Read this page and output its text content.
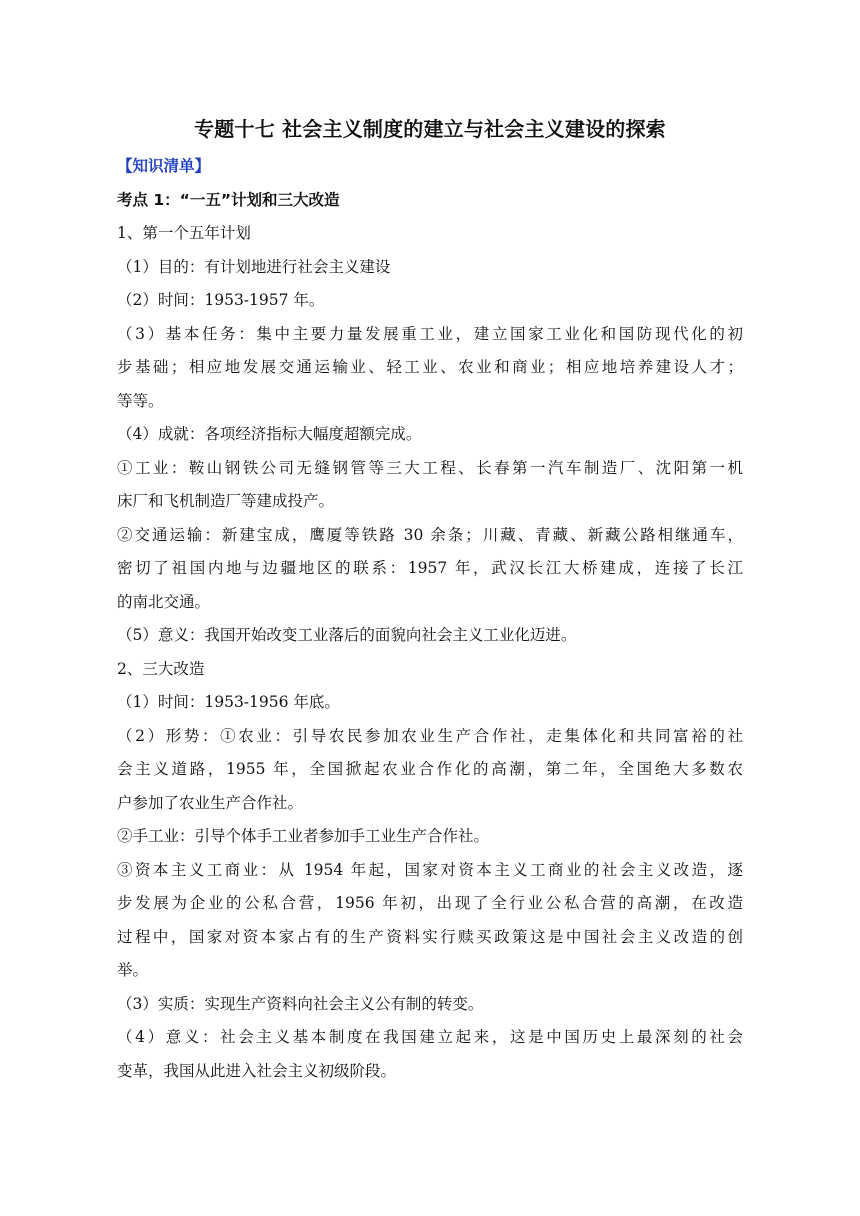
专题十七 社会主义制度的建立与社会主义建设的探索
【知识清单】
考点 1：“一五”计划和三大改造
1、第一个五年计划
（1）目的：有计划地进行社会主义建设
（2）时间：1953-1957 年。
（3）基本任务：集中主要力量发展重工业，建立国家工业化和国防现代化的初
步基础；相应地发展交通运输业、轻工业、农业和商业；相应地培养建设人才；
等等。
（4）成就：各项经济指标大幅度超额完成。
①工业：鞍山钢铁公司无缝钢管等三大工程、长春第一汽车制造厂、沈阳第一机
床厂和飞机制造厂等建成投产。
②交通运输：新建宝成，鹰厦等铁路 30 余条；川藏、青藏、新藏公路相继通车，
密切了祖国内地与边疆地区的联系：1957 年，武汉长江大桥建成，连接了长江
的南北交通。
（5）意义：我国开始改变工业落后的面貌向社会主义工业化迈进。
2、三大改造
（1）时间：1953-1956 年底。
（2）形势：①农业：引导农民参加农业生产合作社，走集体化和共同富裕的社
会主义道路，1955 年，全国掀起农业合作化的高潮，第二年，全国绝大多数农
户参加了农业生产合作社。
②手工业：引导个体手工业者参加手工业生产合作社。
③资本主义工商业：从 1954 年起，国家对资本主义工商业的社会主义改造，逐
步发展为企业的公私合营，1956 年初，出现了全行业公私合营的高潮，在改造
过程中，国家对资本家占有的生产资料实行赎买政策这是中国社会主义改造的创
举。
（3）实质：实现生产资料向社会主义公有制的转变。
（4）意义：社会主义基本制度在我国建立起来，这是中国历史上最深刻的社会
变革，我国从此进入社会主义初级阶段。
